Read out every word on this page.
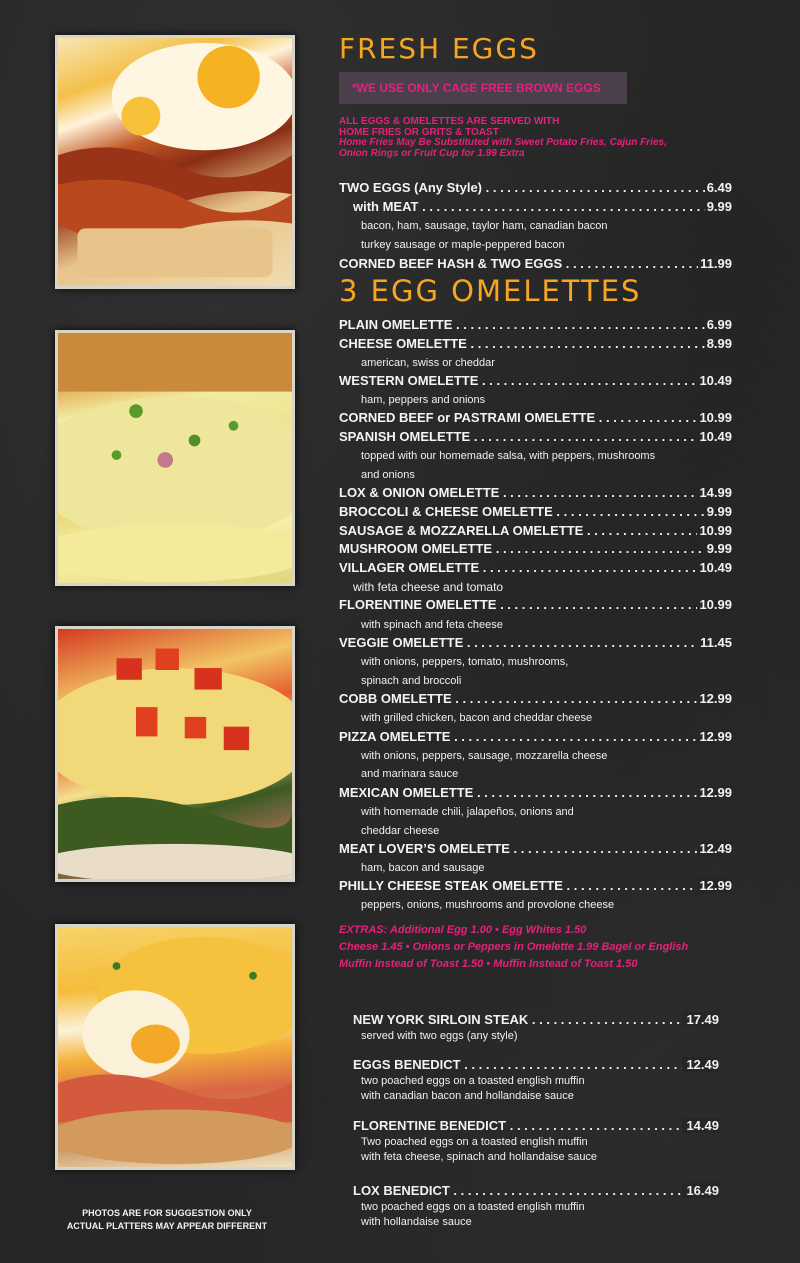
PHOTOS ARE FOR SUGGESTION ONLY
ACTUAL PLATTERS MAY APPEAR DIFFERENT
FRESH EGGS
*WE USE ONLY CAGE FREE BROWN EGGS
ALL EGGS & OMELETTES ARE SERVED WITH
HOME FRIES OR GRITS & TOAST
Home Fries May Be Substituted with Sweet Potato Fries, Cajun Fries,
Onion Rings or Fruit Cup for 1.99 Extra
TWO EGGS (Any Style) . . .	6.49
with MEAT . . .	9.99
bacon, ham, sausage, taylor ham, canadian bacon
turkey sausage or maple-peppered bacon
CORNED BEEF HASH & TWO EGGS . . .	11.99
3 EGG OMELETTES
PLAIN OMELETTE . . .	6.99
CHEESE OMELETTE . . .	8.99
american, swiss or cheddar
WESTERN OMELETTE . . .	10.49
ham, peppers and onions
CORNED BEEF or PASTRAMI OMELETTE . . .	10.99
SPANISH OMELETTE . . .	10.49
topped with our homemade salsa, with peppers, mushrooms
and onions
LOX & ONION OMELETTE . . .	14.99
BROCCOLI & CHEESE OMELETTE . . .	9.99
SAUSAGE & MOZZARELLA OMELETTE . . .	10.99
MUSHROOM OMELETTE . . .	9.99
VILLAGER OMELETTE . . .	10.49
with feta cheese and tomato
FLORENTINE OMELETTE . . .	10.99
with spinach and feta cheese
VEGGIE OMELETTE . . .	11.45
with onions, peppers, tomato, mushrooms,
spinach and broccoli
COBB OMELETTE . . .	12.99
with grilled chicken, bacon and cheddar cheese
PIZZA OMELETTE . . .	12.99
with onions, peppers, sausage, mozzarella cheese
and marinara sauce
MEXICAN OMELETTE . . .	12.99
with homemade chili, jalapeños, onions and
cheddar cheese
MEAT LOVER’S OMELETTE . . .	12.49
ham, bacon and sausage
PHILLY CHEESE STEAK OMELETTE . . .	12.99
peppers, onions, mushrooms and provolone cheese
EXTRAS: Additional Egg 1.00 • Egg Whites 1.50
Cheese 1.45 • Onions or Peppers in Omelette 1.99 Bagel or English
Muffin Instead of Toast 1.50 • Muffin Instead of Toast 1.50
NEW YORK SIRLOIN STEAK . . .	17.49
served with two eggs (any style)
EGGS BENEDICT . . .	12.49
two poached eggs on a toasted english muffin
with canadian bacon and hollandaise sauce
FLORENTINE BENEDICT . . .	14.49
Two poached eggs on a toasted english muffin
with feta cheese, spinach and hollandaise sauce
LOX BENEDICT . . .	16.49
two poached eggs on a toasted english muffin
with hollandaise sauce
